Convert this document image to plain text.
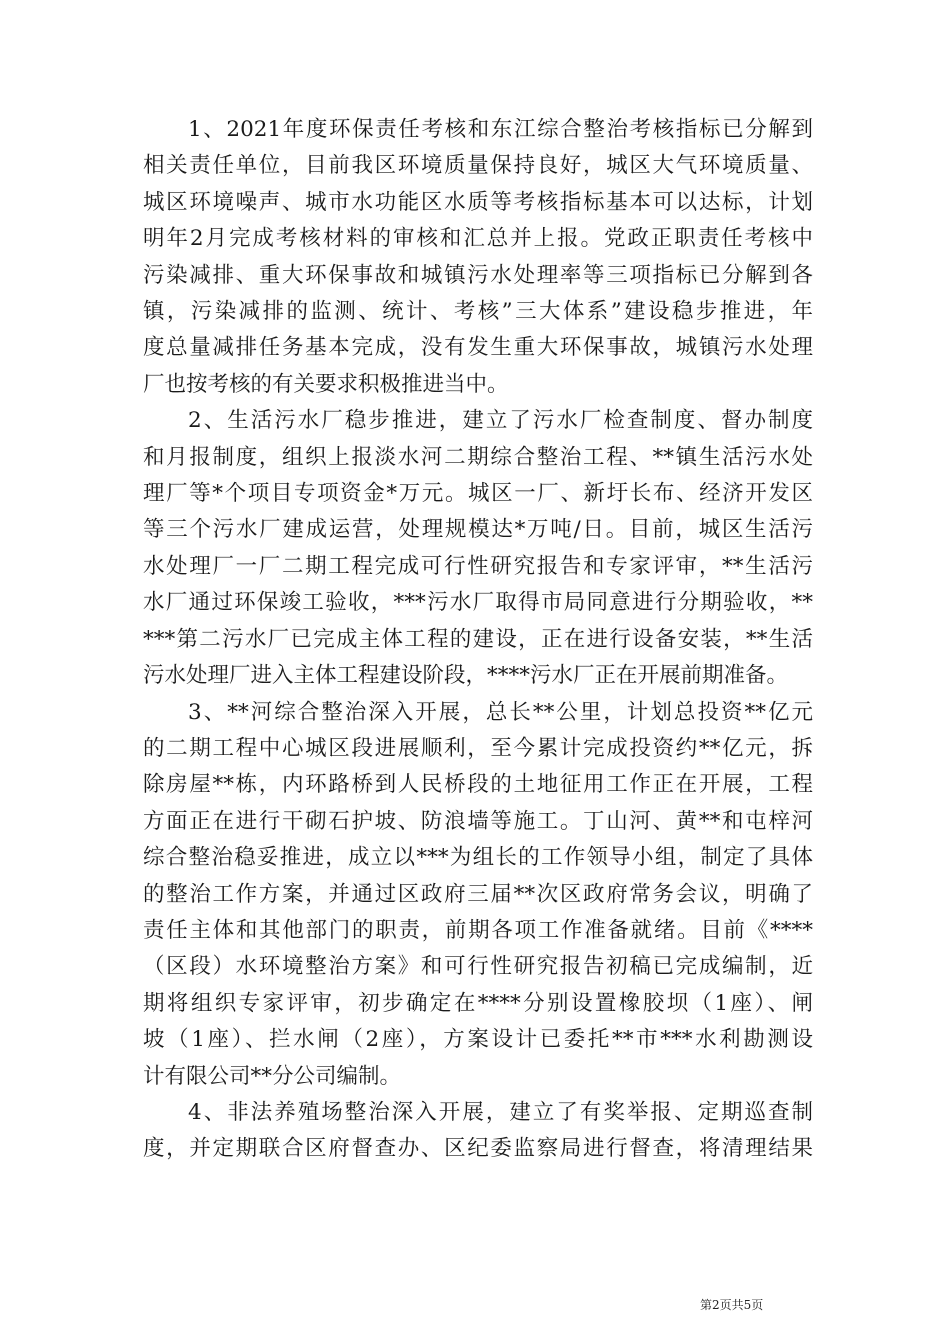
1、2021年度环保责任考核和东江综合整治考核指标已分解到
相关责任单位，目前我区环境质量保持良好，城区大气环境质量、
城区环境噪声、城市水功能区水质等考核指标基本可以达标，计划
明年2月完成考核材料的审核和汇总并上报。党政正职责任考核中
污染减排、重大环保事故和城镇污水处理率等三项指标已分解到各
镇，污染减排的监测、统计、考核”三大体系”建设稳步推进，年
度总量减排任务基本完成，没有发生重大环保事故，城镇污水处理
厂也按考核的有关要求积极推进当中。
2、生活污水厂稳步推进，建立了污水厂检查制度、督办制度
和月报制度，组织上报淡水河二期综合整治工程、**镇生活污水处
理厂等*个项目专项资金*万元。城区一厂、新圩长布、经济开发区
等三个污水厂建成运营，处理规模达*万吨/日。目前，城区生活污
水处理厂一厂二期工程完成可行性研究报告和专家评审，**生活污
水厂通过环保竣工验收，***污水厂取得市局同意进行分期验收，**
***第二污水厂已完成主体工程的建设，正在进行设备安装，**生活
污水处理厂进入主体工程建设阶段，****污水厂正在开展前期准备。
3、**河综合整治深入开展，总长**公里，计划总投资**亿元
的二期工程中心城区段进展顺利，至今累计完成投资约**亿元，拆
除房屋**栋，内环路桥到人民桥段的土地征用工作正在开展，工程
方面正在进行干砌石护坡、防浪墙等施工。丁山河、黄**和屯梓河
综合整治稳妥推进，成立以***为组长的工作领导小组，制定了具体
的整治工作方案，并通过区政府三届**次区政府常务会议，明确了
责任主体和其他部门的职责，前期各项工作准备就绪。目前《****
（区段）水环境整治方案》和可行性研究报告初稿已完成编制，近
期将组织专家评审，初步确定在****分别设置橡胶坝（1座）、闸
坡（1座）、拦水闸（2座），方案设计已委托**市***水利勘测设
计有限公司**分公司编制。
4、非法养殖场整治深入开展，建立了有奖举报、定期巡查制
度，并定期联合区府督查办、区纪委监察局进行督查，将清理结果
第2页共5页
